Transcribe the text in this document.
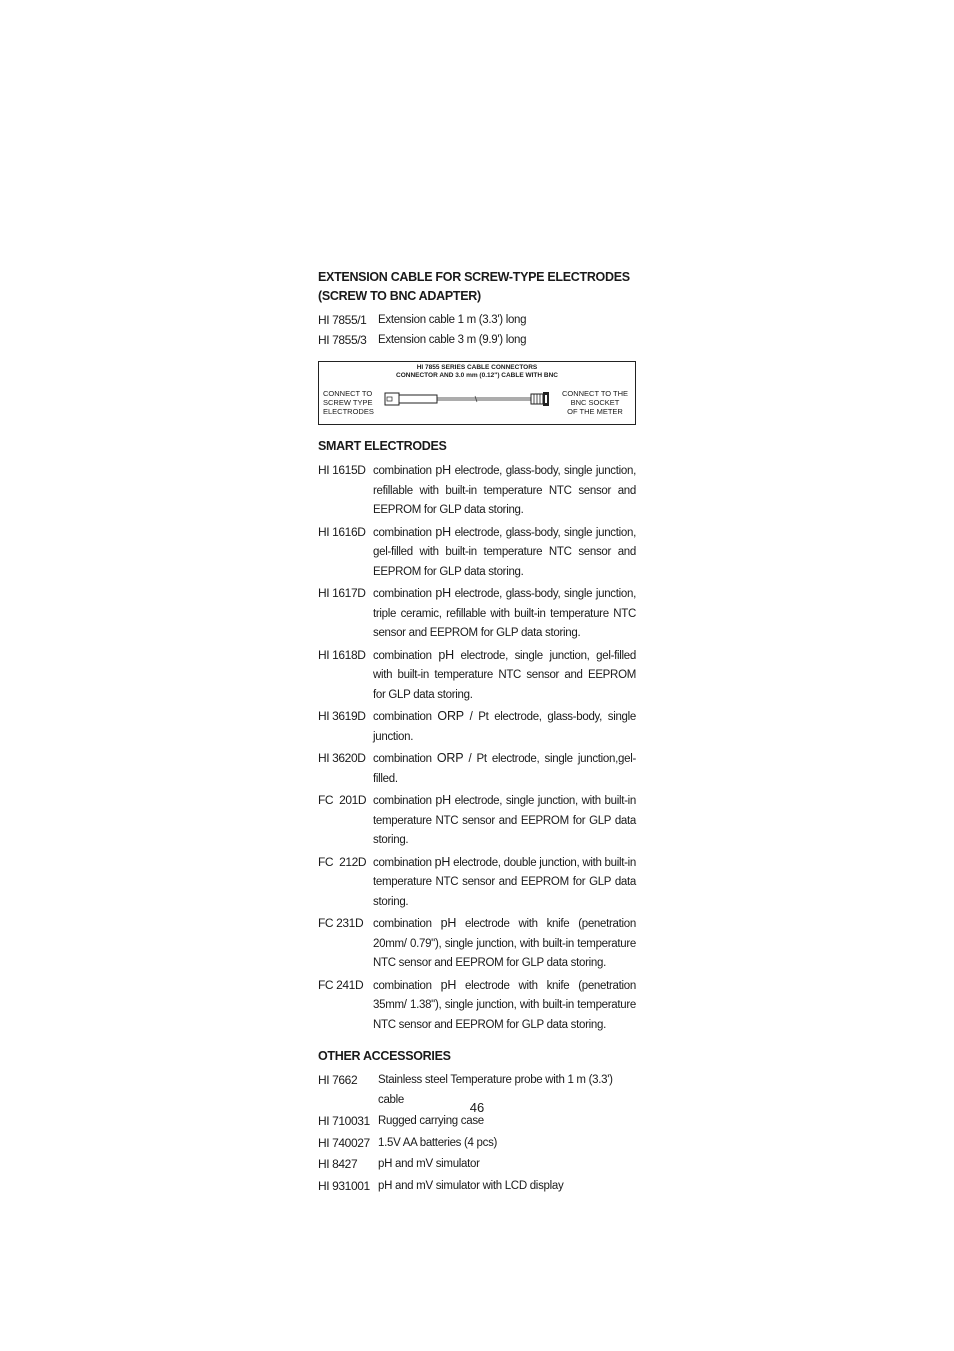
EXTENSION CABLE FOR SCREW-TYPE ELECTRODES
(SCREW TO BNC ADAPTER)
HI 7855/1	Extension cable 1 m (3.3') long
HI 7855/3	Extension cable 3 m (9.9') long
HI 7855 SERIES CABLE CONNECTORS
CONNECTOR AND 3.0 mm (0.12") CABLE WITH BNC
CONNECT TO
SCREW TYPE
ELECTRODES
CONNECT TO THE
BNC SOCKET
OF THE METER
SMART ELECTRODES
HI 1615D combination pH electrode, glass-body, single junction, refillable with built-in temperature NTC sensor and EEPROM for GLP data storing.
HI 1616D combination pH electrode, glass-body, single junction, gel-filled with built-in temperature NTC sensor and EEPROM for GLP data storing.
HI 1617D combination pH electrode, glass-body, single junction, triple ceramic, refillable with built-in temperature NTC sensor and EEPROM for GLP data storing.
HI 1618D combination pH electrode, single junction, gel-filled with built-in temperature NTC sensor and EEPROM for GLP data storing.
HI 3619D combination ORP / Pt electrode, glass-body, single junction.
HI 3620D combination ORP / Pt electrode, single junction,gel-filled.
FC  201D combination pH electrode, single junction, with built-in temperature NTC sensor and EEPROM for GLP data storing.
FC  212D combination pH electrode, double junction, with built-in temperature NTC sensor and EEPROM for GLP data storing.
FC 231D combination pH electrode with knife (penetration 20mm/ 0.79"), single junction, with built-in temperature NTC sensor and EEPROM for GLP data storing.
FC 241D combination pH electrode with knife (penetration 35mm/ 1.38"), single junction, with built-in temperature NTC sensor and EEPROM for GLP data storing.
OTHER ACCESSORIES
HI 7662	Stainless steel Temperature probe with 1 m (3.3') cable
HI 710031 Rugged carrying case
HI 740027 1.5V AA batteries (4 pcs)
HI 8427	pH and mV simulator
HI 931001 pH and mV simulator with LCD display
46
